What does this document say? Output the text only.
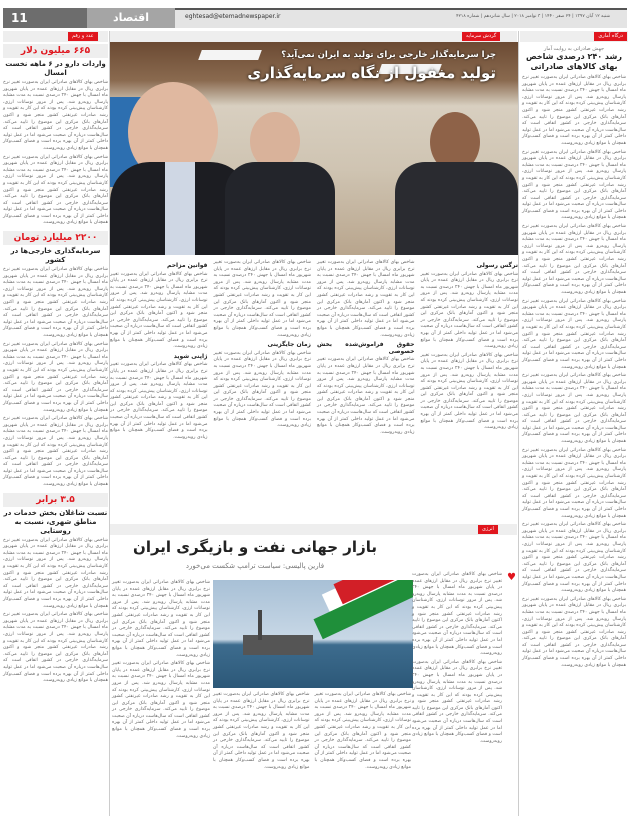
11	اقتصاد	eghtesad@etemadnewspaper.ir	شنبه ۱۲ آبان ۱۳۹۷ | ۲۴ صفر ۱۴۴۰ | ۳ نوامبر ۲۰۱۸ | سال شانزدهم | شماره ۴۲۱۸
درگاه آماری
جهش صادراتی به روایت آمار
رشد ۲۴۰ درصدی شاخص بهای کالاهای صادراتی

شاخص بهای کالاهای صادراتی ایران به‌صورت تغییر نرخ برابری ریال در مقابل ارزهای عمده در پایان شهریور ماه امسال با جهش ۲۴۰ درصدی نسبت به مدت مشابه پارسال روبه‌رو شد. پس از مرور نوسانات ارزی، کارشناسان پیش‌بینی کرده بودند که این کار به تقویت و رشد صادرات غیرنفتی کشور منجر شود و اکنون آمارهای بانک مرکزی این موضوع را تایید می‌کند. سرمایه‌گذاری خارجی در کشور اتفاقی است که سال‌هاست درباره آن صحبت می‌شود اما در عمل تولید داخلی کمتر از آن بهره برده است و فضای کسب‌وکار همچنان با موانع زیادی روبه‌روست.

شاخص بهای کالاهای صادراتی ایران به‌صورت تغییر نرخ برابری ریال در مقابل ارزهای عمده در پایان شهریور ماه امسال با جهش ۲۴۰ درصدی نسبت به مدت مشابه پارسال روبه‌رو شد. پس از مرور نوسانات ارزی، کارشناسان پیش‌بینی کرده بودند که این کار به تقویت و رشد صادرات غیرنفتی کشور منجر شود و اکنون آمارهای بانک مرکزی این موضوع را تایید می‌کند. سرمایه‌گذاری خارجی در کشور اتفاقی است که سال‌هاست درباره آن صحبت می‌شود اما در عمل تولید داخلی کمتر از آن بهره برده است و فضای کسب‌وکار همچنان با موانع زیادی روبه‌روست.

شاخص بهای کالاهای صادراتی ایران به‌صورت تغییر نرخ برابری ریال در مقابل ارزهای عمده در پایان شهریور ماه امسال با جهش ۲۴۰ درصدی نسبت به مدت مشابه پارسال روبه‌رو شد. پس از مرور نوسانات ارزی، کارشناسان پیش‌بینی کرده بودند که این کار به تقویت و رشد صادرات غیرنفتی کشور منجر شود و اکنون آمارهای بانک مرکزی این موضوع را تایید می‌کند. سرمایه‌گذاری خارجی در کشور اتفاقی است که سال‌هاست درباره آن صحبت می‌شود اما در عمل تولید داخلی کمتر از آن بهره برده است و فضای کسب‌وکار همچنان با موانع زیادی روبه‌روست.

شاخص بهای کالاهای صادراتی ایران به‌صورت تغییر نرخ برابری ریال در مقابل ارزهای عمده در پایان شهریور ماه امسال با جهش ۲۴۰ درصدی نسبت به مدت مشابه پارسال روبه‌رو شد. پس از مرور نوسانات ارزی، کارشناسان پیش‌بینی کرده بودند که این کار به تقویت و رشد صادرات غیرنفتی کشور منجر شود و اکنون آمارهای بانک مرکزی این موضوع را تایید می‌کند. سرمایه‌گذاری خارجی در کشور اتفاقی است که سال‌هاست درباره آن صحبت می‌شود اما در عمل تولید داخلی کمتر از آن بهره برده است و فضای کسب‌وکار همچنان با موانع زیادی روبه‌روست.

شاخص بهای کالاهای صادراتی ایران به‌صورت تغییر نرخ برابری ریال در مقابل ارزهای عمده در پایان شهریور ماه امسال با جهش ۲۴۰ درصدی نسبت به مدت مشابه پارسال روبه‌رو شد. پس از مرور نوسانات ارزی، کارشناسان پیش‌بینی کرده بودند که این کار به تقویت و رشد صادرات غیرنفتی کشور منجر شود و اکنون آمارهای بانک مرکزی این موضوع را تایید می‌کند. سرمایه‌گذاری خارجی در کشور اتفاقی است که سال‌هاست درباره آن صحبت می‌شود اما در عمل تولید داخلی کمتر از آن بهره برده است و فضای کسب‌وکار همچنان با موانع زیادی روبه‌روست.

شاخص بهای کالاهای صادراتی ایران به‌صورت تغییر نرخ برابری ریال در مقابل ارزهای عمده در پایان شهریور ماه امسال با جهش ۲۴۰ درصدی نسبت به مدت مشابه پارسال روبه‌رو شد. پس از مرور نوسانات ارزی، کارشناسان پیش‌بینی کرده بودند که این کار به تقویت و رشد صادرات غیرنفتی کشور منجر شود و اکنون آمارهای بانک مرکزی این موضوع را تایید می‌کند. سرمایه‌گذاری خارجی در کشور اتفاقی است که سال‌هاست درباره آن صحبت می‌شود اما در عمل تولید داخلی کمتر از آن بهره برده است و فضای کسب‌وکار همچنان با موانع زیادی روبه‌روست.

شاخص بهای کالاهای صادراتی ایران به‌صورت تغییر نرخ برابری ریال در مقابل ارزهای عمده در پایان شهریور ماه امسال با جهش ۲۴۰ درصدی نسبت به مدت مشابه پارسال روبه‌رو شد. پس از مرور نوسانات ارزی، کارشناسان پیش‌بینی کرده بودند که این کار به تقویت و رشد صادرات غیرنفتی کشور منجر شود و اکنون آمارهای بانک مرکزی این موضوع را تایید می‌کند. سرمایه‌گذاری خارجی در کشور اتفاقی است که سال‌هاست درباره آن صحبت می‌شود اما در عمل تولید داخلی کمتر از آن بهره برده است و فضای کسب‌وکار همچنان با موانع زیادی روبه‌روست.

شاخص بهای کالاهای صادراتی ایران به‌صورت تغییر نرخ برابری ریال در مقابل ارزهای عمده در پایان شهریور ماه امسال با جهش ۲۴۰ درصدی نسبت به مدت مشابه پارسال روبه‌رو شد. پس از مرور نوسانات ارزی، کارشناسان پیش‌بینی کرده بودند که این کار به تقویت و رشد صادرات غیرنفتی کشور منجر شود و اکنون آمارهای بانک مرکزی این موضوع را تایید می‌کند. سرمایه‌گذاری خارجی در کشور اتفاقی است که سال‌هاست درباره آن صحبت می‌شود اما در عمل تولید داخلی کمتر از آن بهره برده است و فضای کسب‌وکار همچنان با موانع زیادی روبه‌روست.

گردش سرمایه
چرا سرمایه‌گذار خارجی برای تولید به ایران نمی‌آید؟
تولید مغفول از نگاه سرمایه‌گذاری
نرگس رسولی

شاخص بهای کالاهای صادراتی ایران به‌صورت تغییر نرخ برابری ریال در مقابل ارزهای عمده در پایان شهریور ماه امسال با جهش ۲۴۰ درصدی نسبت به مدت مشابه پارسال روبه‌رو شد. پس از مرور نوسانات ارزی، کارشناسان پیش‌بینی کرده بودند که این کار به تقویت و رشد صادرات غیرنفتی کشور منجر شود و اکنون آمارهای بانک مرکزی این موضوع را تایید می‌کند. سرمایه‌گذاری خارجی در کشور اتفاقی است که سال‌هاست درباره آن صحبت می‌شود اما در عمل تولید داخلی کمتر از آن بهره برده است و فضای کسب‌وکار همچنان با موانع زیادی روبه‌روست.

شاخص بهای کالاهای صادراتی ایران به‌صورت تغییر نرخ برابری ریال در مقابل ارزهای عمده در پایان شهریور ماه امسال با جهش ۲۴۰ درصدی نسبت به مدت مشابه پارسال روبه‌رو شد. پس از مرور نوسانات ارزی، کارشناسان پیش‌بینی کرده بودند که این کار به تقویت و رشد صادرات غیرنفتی کشور منجر شود و اکنون آمارهای بانک مرکزی این موضوع را تایید می‌کند. سرمایه‌گذاری خارجی در کشور اتفاقی است که سال‌هاست درباره آن صحبت می‌شود اما در عمل تولید داخلی کمتر از آن بهره برده است و فضای کسب‌وکار همچنان با موانع زیادی روبه‌روست.

شاخص بهای کالاهای صادراتی ایران به‌صورت تغییر نرخ برابری ریال در مقابل ارزهای عمده در پایان شهریور ماه امسال با جهش ۲۴۰ درصدی نسبت به مدت مشابه پارسال روبه‌رو شد. پس از مرور نوسانات ارزی، کارشناسان پیش‌بینی کرده بودند که این کار به تقویت و رشد صادرات غیرنفتی کشور منجر شود و اکنون آمارهای بانک مرکزی این موضوع را تایید می‌کند. سرمایه‌گذاری خارجی در کشور اتفاقی است که سال‌هاست درباره آن صحبت می‌شود اما در عمل تولید داخلی کمتر از آن بهره برده است و فضای کسب‌وکار همچنان با موانع زیادی روبه‌روست.

حقوق فراموش‌شده بخش خصوصی

شاخص بهای کالاهای صادراتی ایران به‌صورت تغییر نرخ برابری ریال در مقابل ارزهای عمده در پایان شهریور ماه امسال با جهش ۲۴۰ درصدی نسبت به مدت مشابه پارسال روبه‌رو شد. پس از مرور نوسانات ارزی، کارشناسان پیش‌بینی کرده بودند که این کار به تقویت و رشد صادرات غیرنفتی کشور منجر شود و اکنون آمارهای بانک مرکزی این موضوع را تایید می‌کند. سرمایه‌گذاری خارجی در کشور اتفاقی است که سال‌هاست درباره آن صحبت می‌شود اما در عمل تولید داخلی کمتر از آن بهره برده است و فضای کسب‌وکار همچنان با موانع زیادی روبه‌روست.

شاخص بهای کالاهای صادراتی ایران به‌صورت تغییر نرخ برابری ریال در مقابل ارزهای عمده در پایان شهریور ماه امسال با جهش ۲۴۰ درصدی نسبت به مدت مشابه پارسال روبه‌رو شد. پس از مرور نوسانات ارزی، کارشناسان پیش‌بینی کرده بودند که این کار به تقویت و رشد صادرات غیرنفتی کشور منجر شود و اکنون آمارهای بانک مرکزی این موضوع را تایید می‌کند. سرمایه‌گذاری خارجی در کشور اتفاقی است که سال‌هاست درباره آن صحبت می‌شود اما در عمل تولید داخلی کمتر از آن بهره برده است و فضای کسب‌وکار همچنان با موانع زیادی روبه‌روست.

زمان جایگزینی

شاخص بهای کالاهای صادراتی ایران به‌صورت تغییر نرخ برابری ریال در مقابل ارزهای عمده در پایان شهریور ماه امسال با جهش ۲۴۰ درصدی نسبت به مدت مشابه پارسال روبه‌رو شد. پس از مرور نوسانات ارزی، کارشناسان پیش‌بینی کرده بودند که این کار به تقویت و رشد صادرات غیرنفتی کشور منجر شود و اکنون آمارهای بانک مرکزی این موضوع را تایید می‌کند. سرمایه‌گذاری خارجی در کشور اتفاقی است که سال‌هاست درباره آن صحبت می‌شود اما در عمل تولید داخلی کمتر از آن بهره برده است و فضای کسب‌وکار همچنان با موانع زیادی روبه‌روست.

قوانین مزاحم

شاخص بهای کالاهای صادراتی ایران به‌صورت تغییر نرخ برابری ریال در مقابل ارزهای عمده در پایان شهریور ماه امسال با جهش ۲۴۰ درصدی نسبت به مدت مشابه پارسال روبه‌رو شد. پس از مرور نوسانات ارزی، کارشناسان پیش‌بینی کرده بودند که این کار به تقویت و رشد صادرات غیرنفتی کشور منجر شود و اکنون آمارهای بانک مرکزی این موضوع را تایید می‌کند. سرمایه‌گذاری خارجی در کشور اتفاقی است که سال‌هاست درباره آن صحبت می‌شود اما در عمل تولید داخلی کمتر از آن بهره برده است و فضای کسب‌وکار همچنان با موانع زیادی روبه‌روست.

ژاپنی شوید

شاخص بهای کالاهای صادراتی ایران به‌صورت تغییر نرخ برابری ریال در مقابل ارزهای عمده در پایان شهریور ماه امسال با جهش ۲۴۰ درصدی نسبت به مدت مشابه پارسال روبه‌رو شد. پس از مرور نوسانات ارزی، کارشناسان پیش‌بینی کرده بودند که این کار به تقویت و رشد صادرات غیرنفتی کشور منجر شود و اکنون آمارهای بانک مرکزی این موضوع را تایید می‌کند. سرمایه‌گذاری خارجی در کشور اتفاقی است که سال‌هاست درباره آن صحبت می‌شود اما در عمل تولید داخلی کمتر از آن بهره برده است و فضای کسب‌وکار همچنان با موانع زیادی روبه‌روست.

عدد و رقم
۶۶۵ میلیون دلار
واردات دارو در ۶ ماهه نخست امسال

شاخص بهای کالاهای صادراتی ایران به‌صورت تغییر نرخ برابری ریال در مقابل ارزهای عمده در پایان شهریور ماه امسال با جهش ۲۴۰ درصدی نسبت به مدت مشابه پارسال روبه‌رو شد. پس از مرور نوسانات ارزی، کارشناسان پیش‌بینی کرده بودند که این کار به تقویت و رشد صادرات غیرنفتی کشور منجر شود و اکنون آمارهای بانک مرکزی این موضوع را تایید می‌کند. سرمایه‌گذاری خارجی در کشور اتفاقی است که سال‌هاست درباره آن صحبت می‌شود اما در عمل تولید داخلی کمتر از آن بهره برده است و فضای کسب‌وکار همچنان با موانع زیادی روبه‌روست.

شاخص بهای کالاهای صادراتی ایران به‌صورت تغییر نرخ برابری ریال در مقابل ارزهای عمده در پایان شهریور ماه امسال با جهش ۲۴۰ درصدی نسبت به مدت مشابه پارسال روبه‌رو شد. پس از مرور نوسانات ارزی، کارشناسان پیش‌بینی کرده بودند که این کار به تقویت و رشد صادرات غیرنفتی کشور منجر شود و اکنون آمارهای بانک مرکزی این موضوع را تایید می‌کند. سرمایه‌گذاری خارجی در کشور اتفاقی است که سال‌هاست درباره آن صحبت می‌شود اما در عمل تولید داخلی کمتر از آن بهره برده است و فضای کسب‌وکار همچنان با موانع زیادی روبه‌روست.

۲۲۰۰ میلیارد تومان
سرمایه‌گذاری خارجی‌ها در کشور

شاخص بهای کالاهای صادراتی ایران به‌صورت تغییر نرخ برابری ریال در مقابل ارزهای عمده در پایان شهریور ماه امسال با جهش ۲۴۰ درصدی نسبت به مدت مشابه پارسال روبه‌رو شد. پس از مرور نوسانات ارزی، کارشناسان پیش‌بینی کرده بودند که این کار به تقویت و رشد صادرات غیرنفتی کشور منجر شود و اکنون آمارهای بانک مرکزی این موضوع را تایید می‌کند. سرمایه‌گذاری خارجی در کشور اتفاقی است که سال‌هاست درباره آن صحبت می‌شود اما در عمل تولید داخلی کمتر از آن بهره برده است و فضای کسب‌وکار همچنان با موانع زیادی روبه‌روست.

شاخص بهای کالاهای صادراتی ایران به‌صورت تغییر نرخ برابری ریال در مقابل ارزهای عمده در پایان شهریور ماه امسال با جهش ۲۴۰ درصدی نسبت به مدت مشابه پارسال روبه‌رو شد. پس از مرور نوسانات ارزی، کارشناسان پیش‌بینی کرده بودند که این کار به تقویت و رشد صادرات غیرنفتی کشور منجر شود و اکنون آمارهای بانک مرکزی این موضوع را تایید می‌کند. سرمایه‌گذاری خارجی در کشور اتفاقی است که سال‌هاست درباره آن صحبت می‌شود اما در عمل تولید داخلی کمتر از آن بهره برده است و فضای کسب‌وکار همچنان با موانع زیادی روبه‌روست.

شاخص بهای کالاهای صادراتی ایران به‌صورت تغییر نرخ برابری ریال در مقابل ارزهای عمده در پایان شهریور ماه امسال با جهش ۲۴۰ درصدی نسبت به مدت مشابه پارسال روبه‌رو شد. پس از مرور نوسانات ارزی، کارشناسان پیش‌بینی کرده بودند که این کار به تقویت و رشد صادرات غیرنفتی کشور منجر شود و اکنون آمارهای بانک مرکزی این موضوع را تایید می‌کند. سرمایه‌گذاری خارجی در کشور اتفاقی است که سال‌هاست درباره آن صحبت می‌شود اما در عمل تولید داخلی کمتر از آن بهره برده است و فضای کسب‌وکار همچنان با موانع زیادی روبه‌روست.

۳.۵ برابر
نسبت شاغلان بخش خدمات در مناطق شهری، نسبت به روستایی

شاخص بهای کالاهای صادراتی ایران به‌صورت تغییر نرخ برابری ریال در مقابل ارزهای عمده در پایان شهریور ماه امسال با جهش ۲۴۰ درصدی نسبت به مدت مشابه پارسال روبه‌رو شد. پس از مرور نوسانات ارزی، کارشناسان پیش‌بینی کرده بودند که این کار به تقویت و رشد صادرات غیرنفتی کشور منجر شود و اکنون آمارهای بانک مرکزی این موضوع را تایید می‌کند. سرمایه‌گذاری خارجی در کشور اتفاقی است که سال‌هاست درباره آن صحبت می‌شود اما در عمل تولید داخلی کمتر از آن بهره برده است و فضای کسب‌وکار همچنان با موانع زیادی روبه‌روست.

شاخص بهای کالاهای صادراتی ایران به‌صورت تغییر نرخ برابری ریال در مقابل ارزهای عمده در پایان شهریور ماه امسال با جهش ۲۴۰ درصدی نسبت به مدت مشابه پارسال روبه‌رو شد. پس از مرور نوسانات ارزی، کارشناسان پیش‌بینی کرده بودند که این کار به تقویت و رشد صادرات غیرنفتی کشور منجر شود و اکنون آمارهای بانک مرکزی این موضوع را تایید می‌کند. سرمایه‌گذاری خارجی در کشور اتفاقی است که سال‌هاست درباره آن صحبت می‌شود اما در عمل تولید داخلی کمتر از آن بهره برده است و فضای کسب‌وکار همچنان با موانع زیادی روبه‌روست.

انرژی
بازار جهانی نفت و بازیگری ایران
فارین پالیسی: سیاست ترامپ شکست می‌خورد
♥

شاخص بهای کالاهای صادراتی ایران به‌صورت تغییر نرخ برابری ریال در مقابل ارزهای عمده در پایان شهریور ماه امسال با جهش ۲۴۰ درصدی نسبت به مدت مشابه پارسال روبه‌رو شد. پس از مرور نوسانات ارزی، کارشناسان پیش‌بینی کرده بودند که این کار به تقویت و رشد صادرات غیرنفتی کشور منجر شود و اکنون آمارهای بانک مرکزی این موضوع را تایید می‌کند. سرمایه‌گذاری خارجی در کشور اتفاقی است که سال‌هاست درباره آن صحبت می‌شود اما در عمل تولید داخلی کمتر از آن بهره برده است و فضای کسب‌وکار همچنان با موانع زیادی روبه‌روست.

شاخص بهای کالاهای صادراتی ایران به‌صورت تغییر نرخ برابری ریال در مقابل ارزهای عمده در پایان شهریور ماه امسال با جهش ۲۴۰ درصدی نسبت به مدت مشابه پارسال روبه‌رو شد. پس از مرور نوسانات ارزی، کارشناسان پیش‌بینی کرده بودند که این کار به تقویت و رشد صادرات غیرنفتی کشور منجر شود و اکنون آمارهای بانک مرکزی این موضوع را تایید می‌کند. سرمایه‌گذاری خارجی در کشور اتفاقی است که سال‌هاست درباره آن صحبت می‌شود اما در عمل تولید داخلی کمتر از آن بهره برده است و فضای کسب‌وکار همچنان با موانع زیادی روبه‌روست.

شاخص بهای کالاهای صادراتی ایران به‌صورت تغییر نرخ برابری ریال در مقابل ارزهای عمده در پایان شهریور ماه امسال با جهش ۲۴۰ درصدی نسبت به مدت مشابه پارسال روبه‌رو شد. پس از مرور نوسانات ارزی، کارشناسان پیش‌بینی کرده بودند که این کار به تقویت و رشد صادرات غیرنفتی کشور منجر شود و اکنون آمارهای بانک مرکزی این موضوع را تایید می‌کند. سرمایه‌گذاری خارجی در کشور اتفاقی است که سال‌هاست درباره آن صحبت می‌شود اما در عمل تولید داخلی کمتر از آن بهره برده است و فضای کسب‌وکار همچنان با موانع زیادی روبه‌روست.

شاخص بهای کالاهای صادراتی ایران به‌صورت تغییر نرخ برابری ریال در مقابل ارزهای عمده در پایان شهریور ماه امسال با جهش ۲۴۰ درصدی نسبت به مدت مشابه پارسال روبه‌رو شد. پس از مرور نوسانات ارزی، کارشناسان پیش‌بینی کرده بودند که این کار به تقویت و رشد صادرات غیرنفتی کشور منجر شود و اکنون آمارهای بانک مرکزی این موضوع را تایید می‌کند. سرمایه‌گذاری خارجی در کشور اتفاقی است که سال‌هاست درباره آن صحبت می‌شود اما در عمل تولید داخلی کمتر از آن بهره برده است و فضای کسب‌وکار همچنان با موانع زیادی روبه‌روست.

شاخص بهای کالاهای صادراتی ایران به‌صورت تغییر نرخ برابری ریال در مقابل ارزهای عمده در پایان شهریور ماه امسال با جهش ۲۴۰ درصدی نسبت به مدت مشابه پارسال روبه‌رو شد. پس از مرور نوسانات ارزی، کارشناسان پیش‌بینی کرده بودند که این کار به تقویت و رشد صادرات غیرنفتی کشور منجر شود و اکنون آمارهای بانک مرکزی این موضوع را تایید می‌کند. سرمایه‌گذاری خارجی در کشور اتفاقی است که سال‌هاست درباره آن صحبت می‌شود اما در عمل تولید داخلی کمتر از آن بهره برده است و فضای کسب‌وکار همچنان با موانع زیادی روبه‌روست.

شاخص بهای کالاهای صادراتی ایران به‌صورت تغییر نرخ برابری ریال در مقابل ارزهای عمده در پایان شهریور ماه امسال با جهش ۲۴۰ درصدی نسبت به مدت مشابه پارسال روبه‌رو شد. پس از مرور نوسانات ارزی، کارشناسان پیش‌بینی کرده بودند که این کار به تقویت و رشد صادرات غیرنفتی کشور منجر شود و اکنون آمارهای بانک مرکزی این موضوع را تایید می‌کند. سرمایه‌گذاری خارجی در کشور اتفاقی است که سال‌هاست درباره آن صحبت می‌شود اما در عمل تولید داخلی کمتر از آن بهره برده است و فضای کسب‌وکار همچنان با موانع زیادی روبه‌روست.
